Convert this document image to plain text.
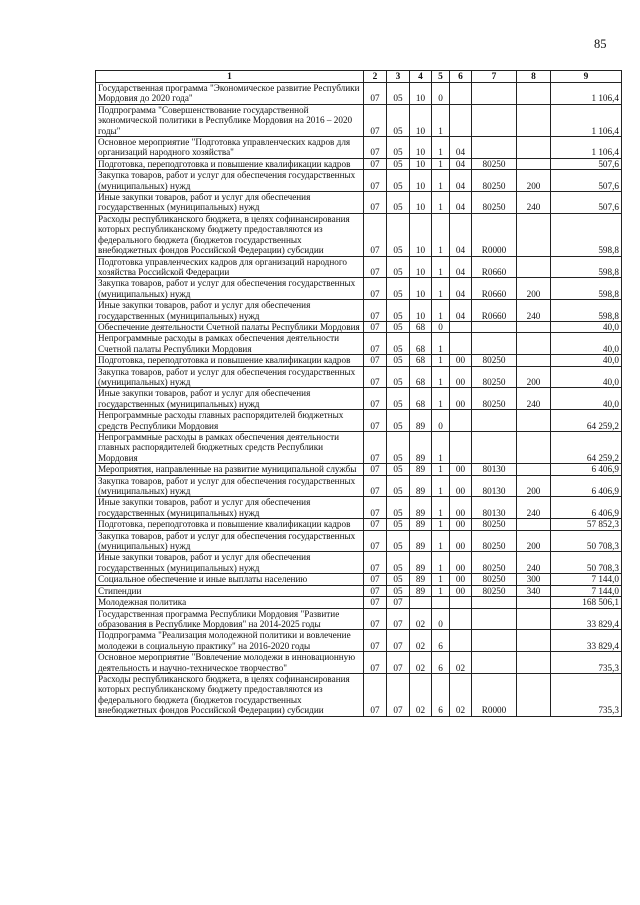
85
1	2	3	4	5	6	7	8	9
Государственная программа "Экономическое развитие Республики Мордовия до 2020 года"	07	05	10	0				1 106,4
Подпрограмма "Совершенствование государственной экономической политики в Республике Мордовия на 2016 – 2020 годы"	07	05	10	1				1 106,4
Основное мероприятие "Подготовка управленческих кадров для организаций народного хозяйства"	07	05	10	1	04			1 106,4
Подготовка, переподготовка и повышение квалификации кадров	07	05	10	1	04	80250		507,6
Закупка товаров, работ и услуг для обеспечения государственных (муниципальных) нужд	07	05	10	1	04	80250	200	507,6
Иные закупки товаров, работ и услуг для обеспечения государственных (муниципальных) нужд	07	05	10	1	04	80250	240	507,6
Расходы республиканского бюджета, в целях софинансирования которых республиканскому бюджету предоставляются из федерального бюджета (бюджетов государственных внебюджетных фондов Российской Федерации) субсидии	07	05	10	1	04	R0000		598,8
Подготовка управленческих кадров для организаций народного хозяйства Российской Федерации	07	05	10	1	04	R0660		598,8
Закупка товаров, работ и услуг для обеспечения государственных (муниципальных) нужд	07	05	10	1	04	R0660	200	598,8
Иные закупки товаров, работ и услуг для обеспечения государственных (муниципальных) нужд	07	05	10	1	04	R0660	240	598,8
Обеспечение деятельности Счетной палаты Республики Мордовия	07	05	68	0				40,0
Непрограммные расходы в рамках обеспечения деятельности Счетной палаты Республики Мордовия	07	05	68	1				40,0
Подготовка, переподготовка и повышение квалификации кадров	07	05	68	1	00	80250		40,0
Закупка товаров, работ и услуг для обеспечения государственных (муниципальных) нужд	07	05	68	1	00	80250	200	40,0
Иные закупки товаров, работ и услуг для обеспечения государственных (муниципальных) нужд	07	05	68	1	00	80250	240	40,0
Непрограммные расходы главных распорядителей бюджетных средств Республики Мордовия	07	05	89	0				64 259,2
Непрограммные расходы в рамках обеспечения деятельности главных распорядителей бюджетных средств Республики Мордовия	07	05	89	1				64 259,2
Мероприятия, направленные на развитие муниципальной службы	07	05	89	1	00	80130		6 406,9
Закупка товаров, работ и услуг для обеспечения государственных (муниципальных) нужд	07	05	89	1	00	80130	200	6 406,9
Иные закупки товаров, работ и услуг для обеспечения государственных (муниципальных) нужд	07	05	89	1	00	80130	240	6 406,9
Подготовка, переподготовка и повышение квалификации кадров	07	05	89	1	00	80250		57 852,3
Закупка товаров, работ и услуг для обеспечения государственных (муниципальных) нужд	07	05	89	1	00	80250	200	50 708,3
Иные закупки товаров, работ и услуг для обеспечения государственных (муниципальных) нужд	07	05	89	1	00	80250	240	50 708,3
Социальное обеспечение и иные выплаты населению	07	05	89	1	00	80250	300	7 144,0
Стипендии	07	05	89	1	00	80250	340	7 144,0
Молодежная политика	07	07						168 506,1
Государственная программа Республики Мордовия "Развитие образования в Республике Мордовия" на 2014-2025 годы	07	07	02	0				33 829,4
Подпрограмма "Реализация молодежной политики и вовлечение молодежи в социальную практику" на 2016-2020 годы	07	07	02	6				33 829,4
Основное мероприятие "Вовлечение молодежи в инновационную деятельность и научно-техническое творчество"	07	07	02	6	02			735,3
Расходы республиканского бюджета, в целях софинансирования которых республиканскому бюджету предоставляются из федерального бюджета (бюджетов государственных внебюджетных фондов Российской Федерации) субсидии	07	07	02	6	02	R0000		735,3
